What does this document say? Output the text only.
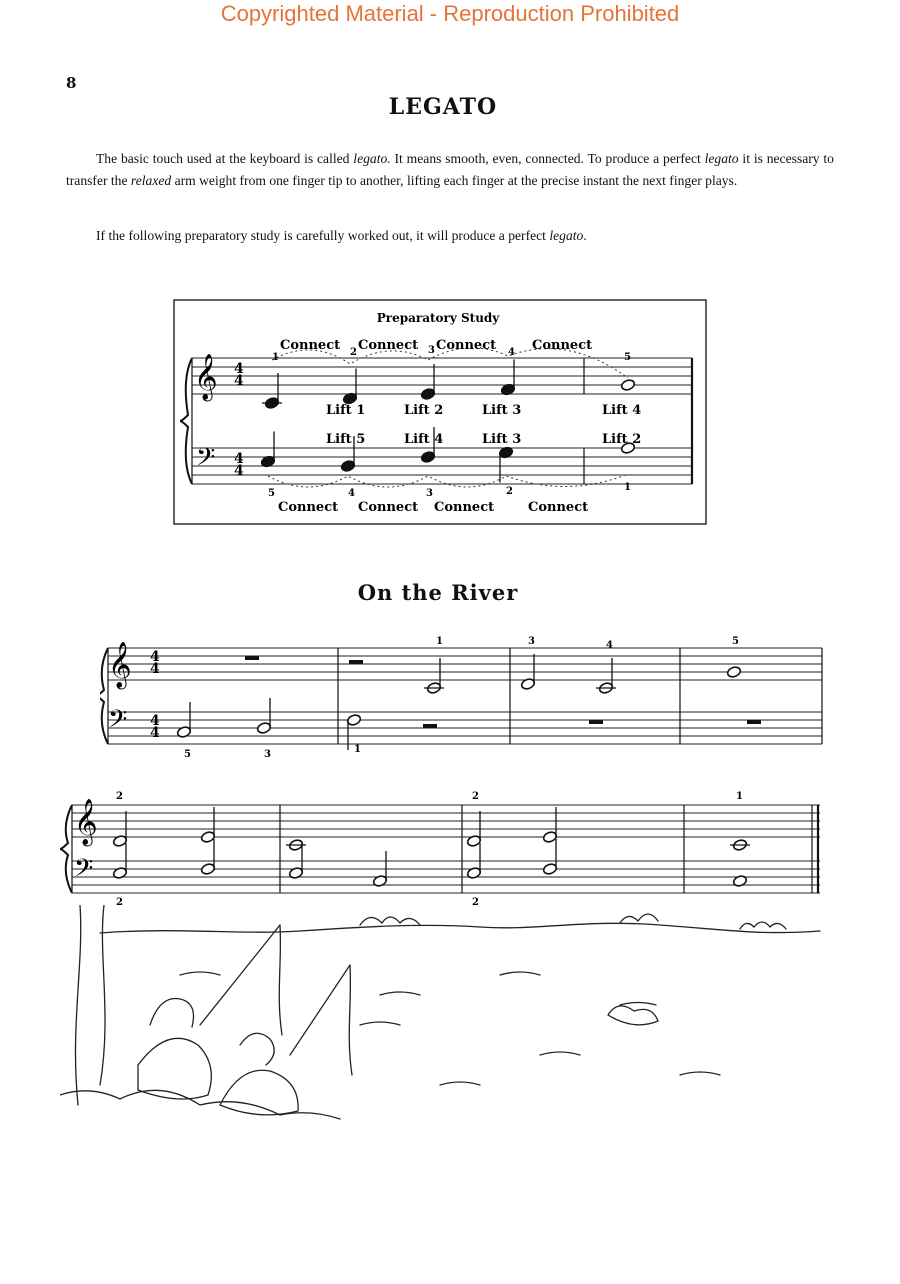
Copyrighted Material - Reproduction Prohibited
8
LEGATO
The basic touch used at the keyboard is called legato. It means smooth, even, connected. To produce a perfect legato it is necessary to transfer the relaxed arm weight from one finger tip to another, lifting each finger at the precise instant the next finger plays.
If the following preparatory study is carefully worked out, it will produce a perfect legato.
Preparatory Study
𝄞
𝄢
4
4
4
4
Connect Connect Connect	Connect
Connect Connect Connect	Connect
Lift 1	Lift 2	Lift 3	Lift 4
Lift 5	Lift 4	Lift 3	Lift 2
1	2	3	4	5
5	4	3	2	1
On the River
𝄞
𝄢
4
4
4
4
1	3	4	5
5	3	1
𝄞
𝄢
2	2	1
2	2
